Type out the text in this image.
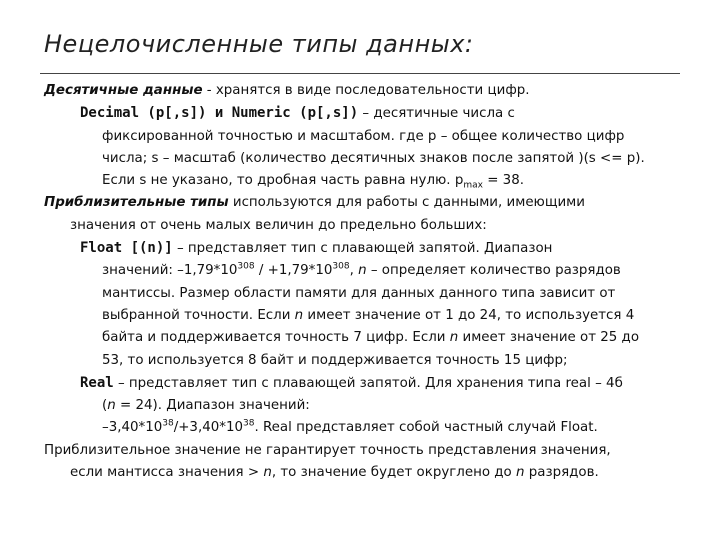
Нецелочисленные типы данных:
Десятичные данные - хранятся в виде последовательности цифр.
Decimal (p[,s]) и Numeric (p[,s]) – десятичные числа с
фиксированной точностью и масштабом. где p – общее количество цифр
числа; s – масштаб (количество десятичных знаков после запятой )(s <= p).
Если s не указано, то дробная часть равна нулю. $p_{max} = 38$.
Приблизительные типы используются для работы с данными, имеющими
значения от очень малых величин до предельно больших:
Float [(n)] – представляет тип с плавающей запятой. Диапазон
значений: $-1,79*10^{308} / +1,79*10^{308}$, n – определяет количество разрядов
мантиссы. Размер области памяти для данных данного типа зависит от
выбранной точности. Если n имеет значение от 1 до 24, то используется 4
байта и поддерживается точность 7 цифр. Если n имеет значение от 25 до
53, то используется 8 байт и поддерживается точность 15 цифр;
Real – представляет тип с плавающей запятой. Для хранения типа real – 4б
(n = 24). Диапазон значений:
$-3,40*10^{38}/+3,40*10^{38}$. Real представляет собой частный случай Float.
Приблизительное значение не гарантирует точность представления значения,
если мантисса значения > n, то значение будет округлено до n разрядов.
